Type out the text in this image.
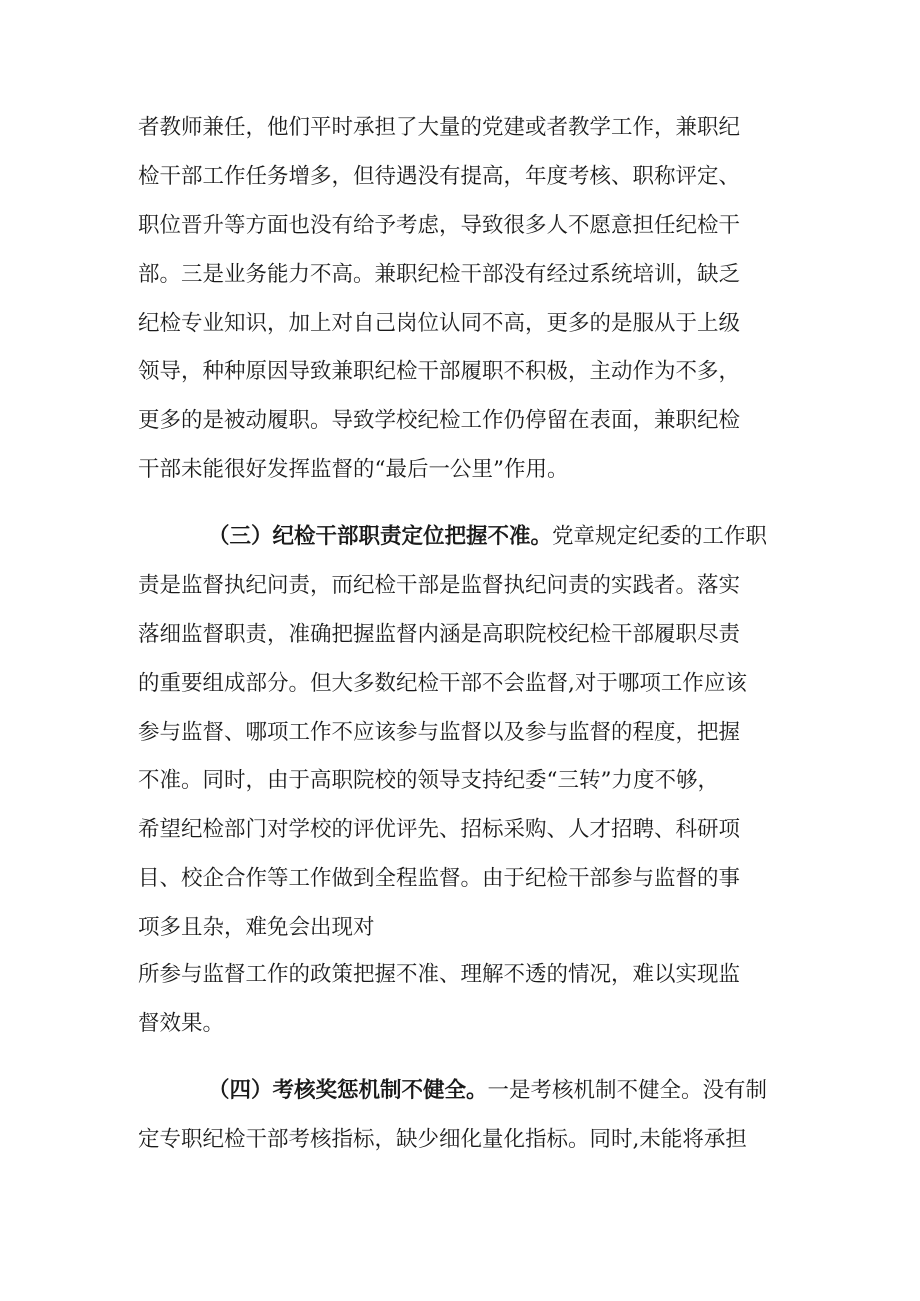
者教师兼任，他们平时承担了大量的党建或者教学工作，兼职纪
检干部工作任务增多，但待遇没有提高，年度考核、职称评定、
职位晋升等方面也没有给予考虑，导致很多人不愿意担任纪检干
部。三是业务能力不高。兼职纪检干部没有经过系统培训，缺乏
纪检专业知识，加上对自己岗位认同不高，更多的是服从于上级
领导，种种原因导致兼职纪检干部履职不积极，主动作为不多，
更多的是被动履职。导致学校纪检工作仍停留在表面，兼职纪检
干部未能很好发挥监督的“最后一公里”作用。
（三）纪检干部职责定位把握不准。党章规定纪委的工作职
责是监督执纪问责，而纪检干部是监督执纪问责的实践者。落实
落细监督职责，准确把握监督内涵是高职院校纪检干部履职尽责
的重要组成部分。但大多数纪检干部不会监督,对于哪项工作应该
参与监督、哪项工作不应该参与监督以及参与监督的程度，把握
不准。同时，由于高职院校的领导支持纪委“三转”力度不够，
希望纪检部门对学校的评优评先、招标采购、人才招聘、科研项
目、校企合作等工作做到全程监督。由于纪检干部参与监督的事
项多且杂，难免会出现对
所参与监督工作的政策把握不准、理解不透的情况，难以实现监
督效果。
（四）考核奖惩机制不健全。一是考核机制不健全。没有制
定专职纪检干部考核指标，缺少细化量化指标。同时,未能将承担
